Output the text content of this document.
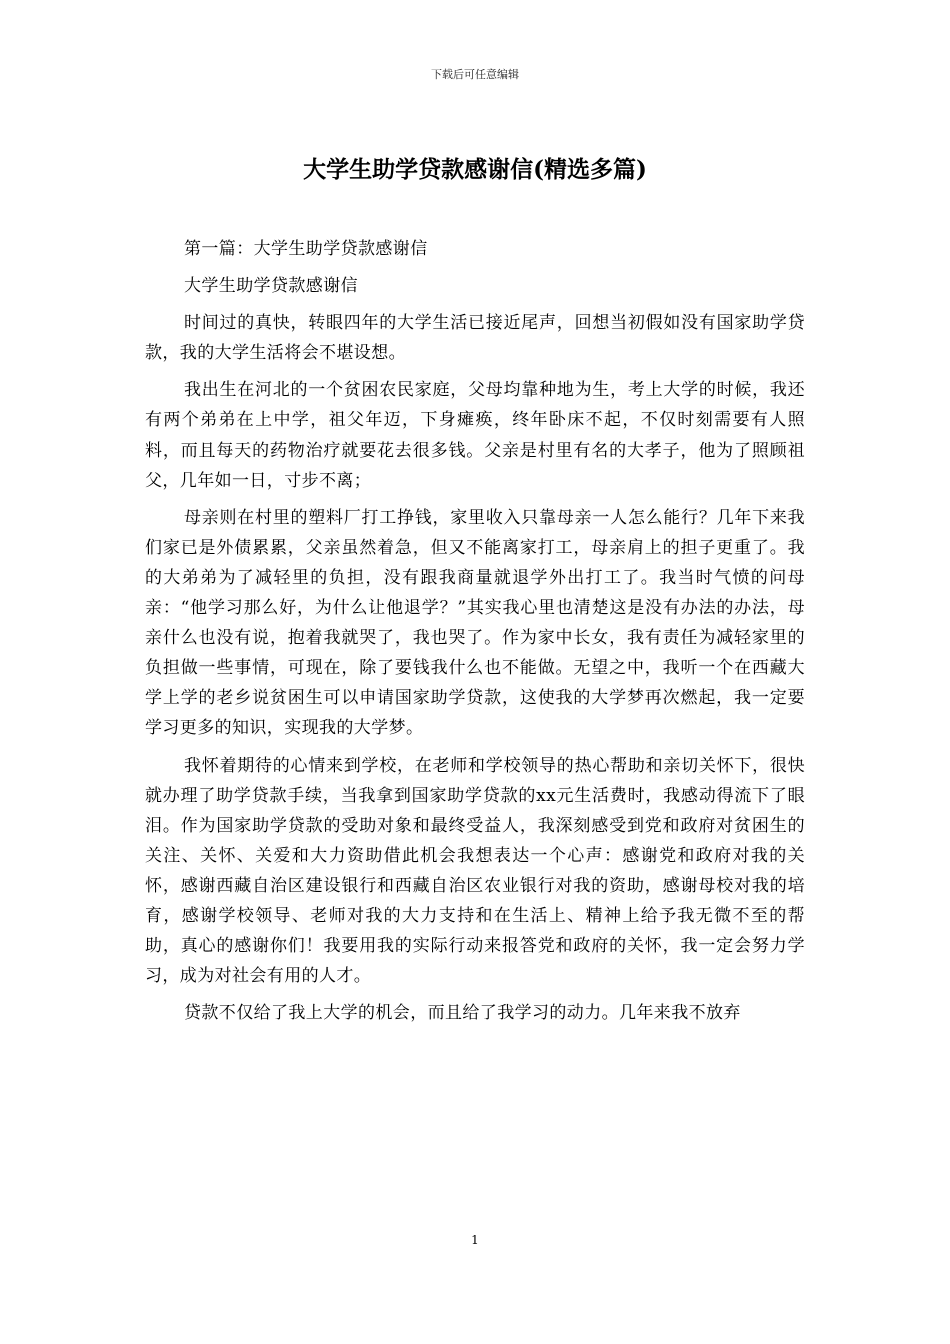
下载后可任意编辑
大学生助学贷款感谢信(精选多篇)

第一篇：大学生助学贷款感谢信

大学生助学贷款感谢信

时间过的真快，转眼四年的大学生活已接近尾声，回想当初假如没有国家助学贷款，我的大学生活将会不堪设想。

我出生在河北的一个贫困农民家庭，父母均靠种地为生，考上大学的时候，我还有两个弟弟在上中学，祖父年迈，下身瘫痪，终年卧床不起，不仅时刻需要有人照料，而且每天的药物治疗就要花去很多钱。父亲是村里有名的大孝子，他为了照顾祖父，几年如一日，寸步不离；

母亲则在村里的塑料厂打工挣钱，家里收入只靠母亲一人怎么能行？几年下来我们家已是外债累累，父亲虽然着急，但又不能离家打工，母亲肩上的担子更重了。我的大弟弟为了减轻里的负担，没有跟我商量就退学外出打工了。我当时气愤的问母亲：“他学习那么好，为什么让他退学？”其实我心里也清楚这是没有办法的办法，母亲什么也没有说，抱着我就哭了，我也哭了。作为家中长女，我有责任为减轻家里的负担做一些事情，可现在，除了要钱我什么也不能做。无望之中，我听一个在西藏大学上学的老乡说贫困生可以申请国家助学贷款，这使我的大学梦再次燃起，我一定要学习更多的知识，实现我的大学梦。

我怀着期待的心情来到学校，在老师和学校领导的热心帮助和亲切关怀下，很快就办理了助学贷款手续，当我拿到国家助学贷款的xx元生活费时，我感动得流下了眼泪。作为国家助学贷款的受助对象和最终受益人，我深刻感受到党和政府对贫困生的关注、关怀、关爱和大力资助借此机会我想表达一个心声：感谢党和政府对我的关怀，感谢西藏自治区建设银行和西藏自治区农业银行对我的资助，感谢母校对我的培育，感谢学校领导、老师对我的大力支持和在生活上、精神上给予我无微不至的帮助，真心的感谢你们！我要用我的实际行动来报答党和政府的关怀，我一定会努力学习，成为对社会有用的人才。

贷款不仅给了我上大学的机会，而且给了我学习的动力。几年来我不放弃

1
